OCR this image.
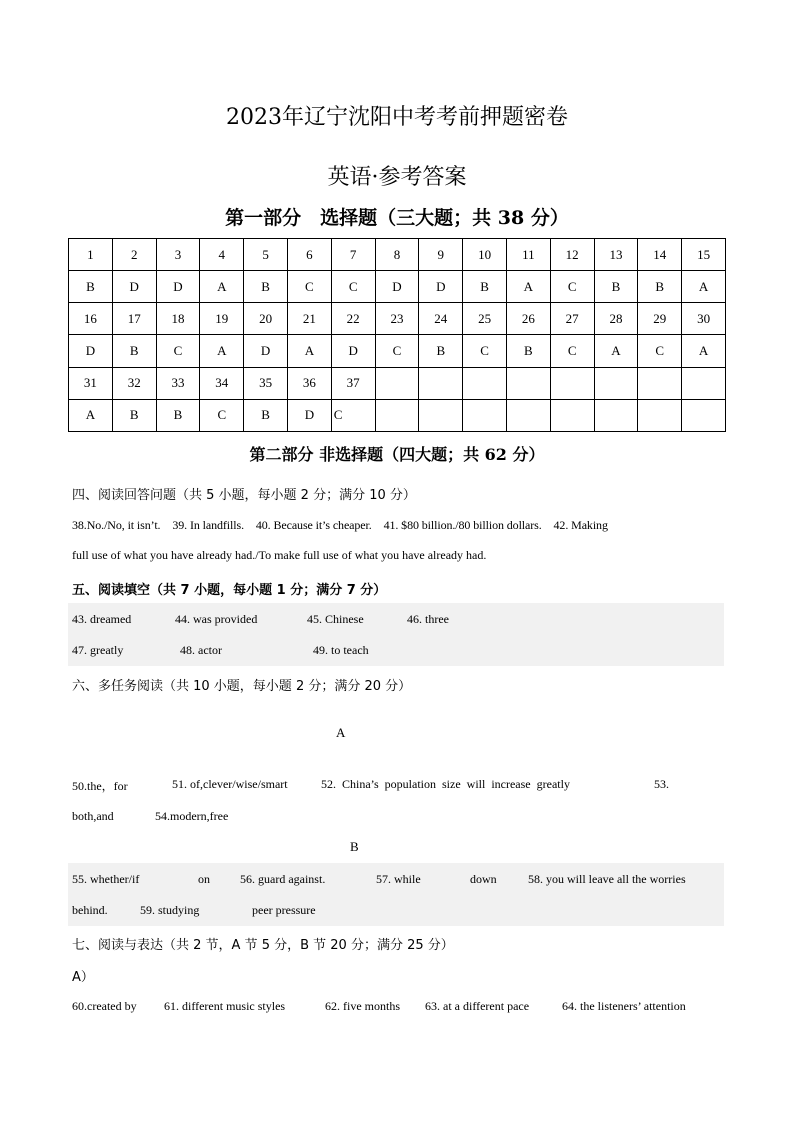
2023年辽宁沈阳中考考前押题密卷
英语·参考答案
第一部分　选择题（三大题；共 38 分）
1	2	3	4	5	6	7	8	9	10	11	12	13	14	15
B	D	D	A	B	C	C	D	D	B	A	C	B	B	A
16	17	18	19	20	21	22	23	24	25	26	27	28	29	30
D	B	C	A	D	A	D	C	B	C	B	C	A	C	A
31	32	33	34	35	36	37								
A	B	B	C	B	D	C								
第二部分 非选择题（四大题；共 62 分）
四、阅读回答问题（共 5 小题，每小题 2 分；满分 10 分）
38.No./No, it isn’t.　39. In landfills.　40. Because it’s cheaper.　41. $80 billion./80 billion dollars.　42. Making
full use of what you have already had./To make full use of what you have already had.
五、阅读填空（共 7 小题，每小题 1 分；满分 7 分）
43. dreamed	44. was provided	45. Chinese	46. three
47. greatly	48. actor	49. to teach
六、多任务阅读（共 10 小题，每小题 2 分；满分 20 分）
A
50.the，for	51. of,clever/wise/smart	52. China’s population size will increase greatly	53.
both,and	54.modern,free
B
55. whether/if	on	56. guard against.	57. while	down	58. you will leave all the worries
behind.	59. studying	peer pressure
七、阅读与表达（共 2 节，A 节 5 分，B 节 20 分；满分 25 分）
A）
60.created by 61. different music styles	62. five months 63. at a different pace	64. the listeners’ attention
